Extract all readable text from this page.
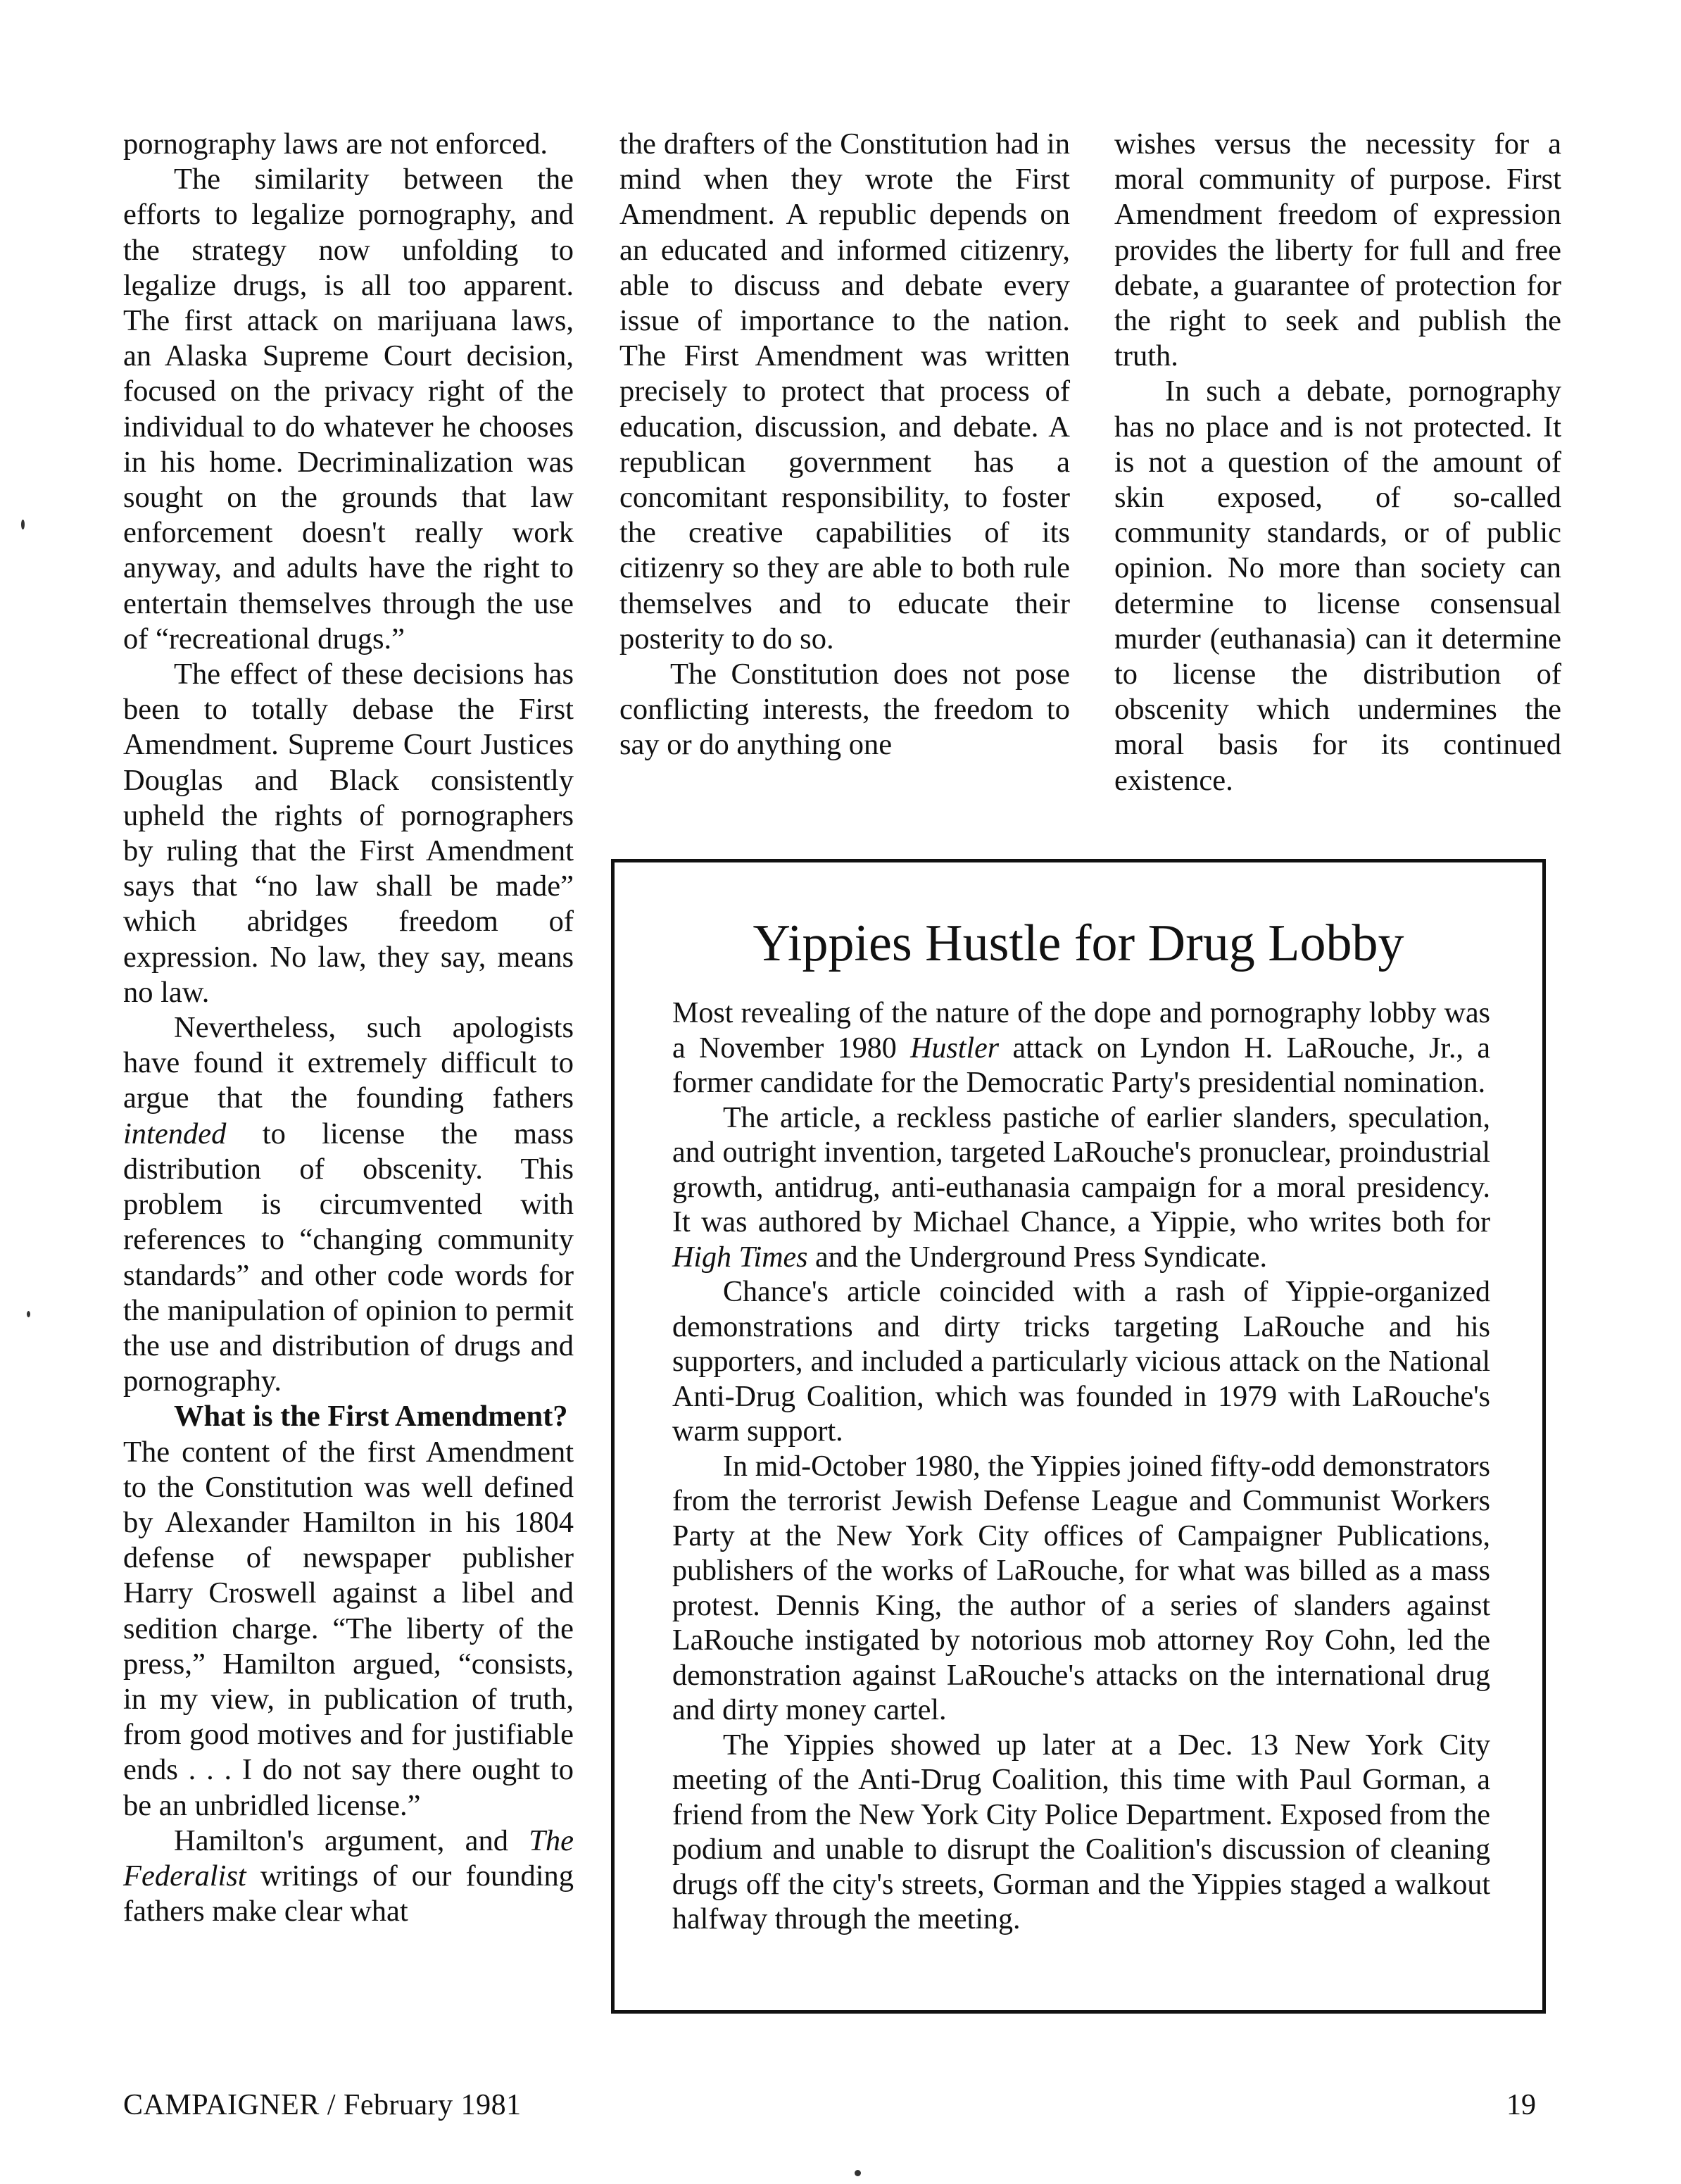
pornography laws are not enforced.

The similarity between the efforts to legalize pornography, and the strategy now unfolding to legalize drugs, is all too apparent. The first attack on marijuana laws, an Alaska Supreme Court decision, focused on the privacy right of the individual to do whatever he chooses in his home. Decriminalization was sought on the grounds that law enforcement doesn't really work anyway, and adults have the right to entertain themselves through the use of “recreational drugs.”

The effect of these decisions has been to totally debase the First Amendment. Supreme Court Justices Douglas and Black consistently upheld the rights of pornographers by ruling that the First Amendment says that “no law shall be made” which abridges freedom of expression. No law, they say, means no law.

Nevertheless, such apologists have found it extremely difficult to argue that the founding fathers intended to license the mass distribution of obscenity. This problem is circumvented with references to “changing community standards” and other code words for the manipulation of opinion to permit the use and distribution of drugs and pornography.

What is the First Amendment?

The content of the first Amendment to the Constitution was well defined by Alexander Hamilton in his 1804 defense of newspaper publisher Harry Croswell against a libel and sedition charge. “The liberty of the press,” Hamilton argued, “consists, in my view, in publication of truth, from good motives and for justifiable ends . . . I do not say there ought to be an unbridled license.”

Hamilton's argument, and The Federalist writings of our founding fathers make clear what

the drafters of the Constitution had in mind when they wrote the First Amendment. A republic depends on an educated and informed citizenry, able to discuss and debate every issue of importance to the nation. The First Amendment was written precisely to protect that process of education, discussion, and debate. A republican government has a concomitant responsibility, to foster the creative capabilities of its citizenry so they are able to both rule themselves and to educate their posterity to do so.

The Constitution does not pose conflicting interests, the freedom to say or do anything one

wishes versus the necessity for a moral community of purpose. First Amendment freedom of expression provides the liberty for full and free debate, a guarantee of protection for the right to seek and publish the truth.

In such a debate, pornography has no place and is not protected. It is not a question of the amount of skin exposed, of so-called community standards, or of public opinion. No more than society can determine to license consensual murder (euthanasia) can it determine to license the distribution of obscenity which undermines the moral basis for its continued existence.

Yippies Hustle for Drug Lobby

Most revealing of the nature of the dope and pornography lobby was a November 1980 Hustler attack on Lyndon H. LaRouche, Jr., a former candidate for the Democratic Party's presidential nomination.

The article, a reckless pastiche of earlier slanders, speculation, and outright invention, targeted LaRouche's pronuclear, proindustrial growth, antidrug, anti-euthanasia campaign for a moral presidency. It was authored by Michael Chance, a Yippie, who writes both for High Times and the Underground Press Syndicate.

Chance's article coincided with a rash of Yippie-organized demonstrations and dirty tricks targeting LaRouche and his supporters, and included a particularly vicious attack on the National Anti-Drug Coalition, which was founded in 1979 with LaRouche's warm support.

In mid-October 1980, the Yippies joined fifty-odd demonstrators from the terrorist Jewish Defense League and Communist Workers Party at the New York City offices of Campaigner Publications, publishers of the works of LaRouche, for what was billed as a mass protest. Dennis King, the author of a series of slanders against LaRouche instigated by notorious mob attorney Roy Cohn, led the demonstration against LaRouche's attacks on the international drug and dirty money cartel.

The Yippies showed up later at a Dec. 13 New York City meeting of the Anti-Drug Coalition, this time with Paul Gorman, a friend from the New York City Police Department. Exposed from the podium and unable to disrupt the Coalition's discussion of cleaning drugs off the city's streets, Gorman and the Yippies staged a walkout halfway through the meeting.

CAMPAIGNER / February 1981	19
